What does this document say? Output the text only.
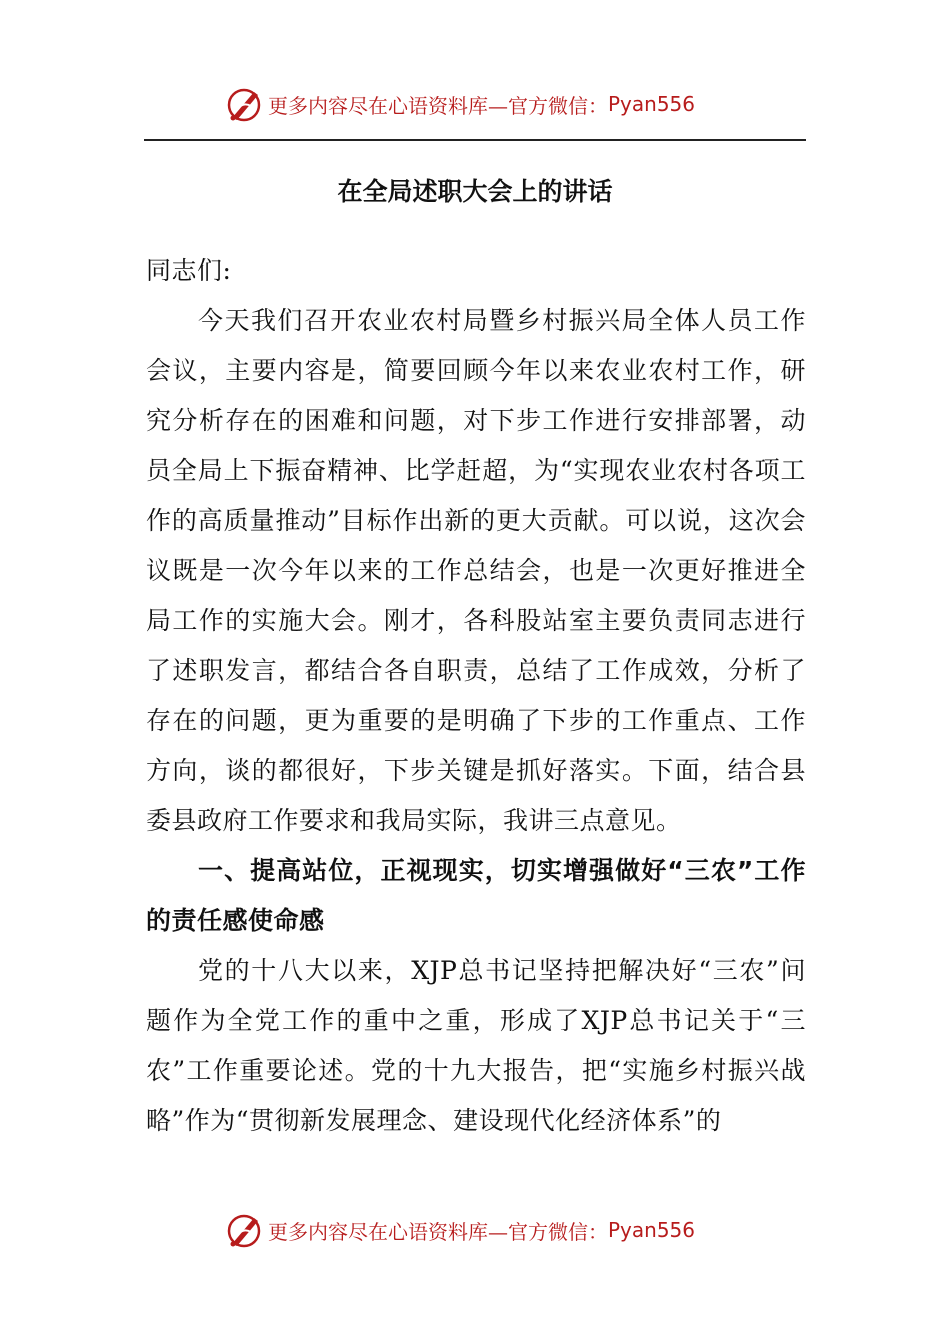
更多内容尽在心语资料库—官方微信： Pyan556
在全局述职大会上的讲话

同志们:

今天我们召开农业农村局暨乡村振兴局全体人员工作会议，主要内容是，简要回顾今年以来农业农村工作，研究分析存在的困难和问题，对下步工作进行安排部署，动员全局上下振奋精神、比学赶超，为“实现农业农村各项工作的高质量推动”目标作出新的更大贡献。可以说，这次会议既是一次今年以来的工作总结会，也是一次更好推进全局工作的实施大会。刚才，各科股站室主要负责同志进行了述职发言，都结合各自职责，总结了工作成效，分析了存在的问题，更为重要的是明确了下步的工作重点、工作方向，谈的都很好，下步关键是抓好落实。下面，结合县委县政府工作要求和我局实际，我讲三点意见。

一、提高站位，正视现实，切实增强做好“三农”工作的责任感使命感

党的十八大以来，XJP总书记坚持把解决好“三农”问题作为全党工作的重中之重，形成了XJP总书记关于“三农”工作重要论述。党的十九大报告，把“实施乡村振兴战略”作为“贯彻新发展理念、建设现代化经济体系”的

更多内容尽在心语资料库—官方微信： Pyan556
